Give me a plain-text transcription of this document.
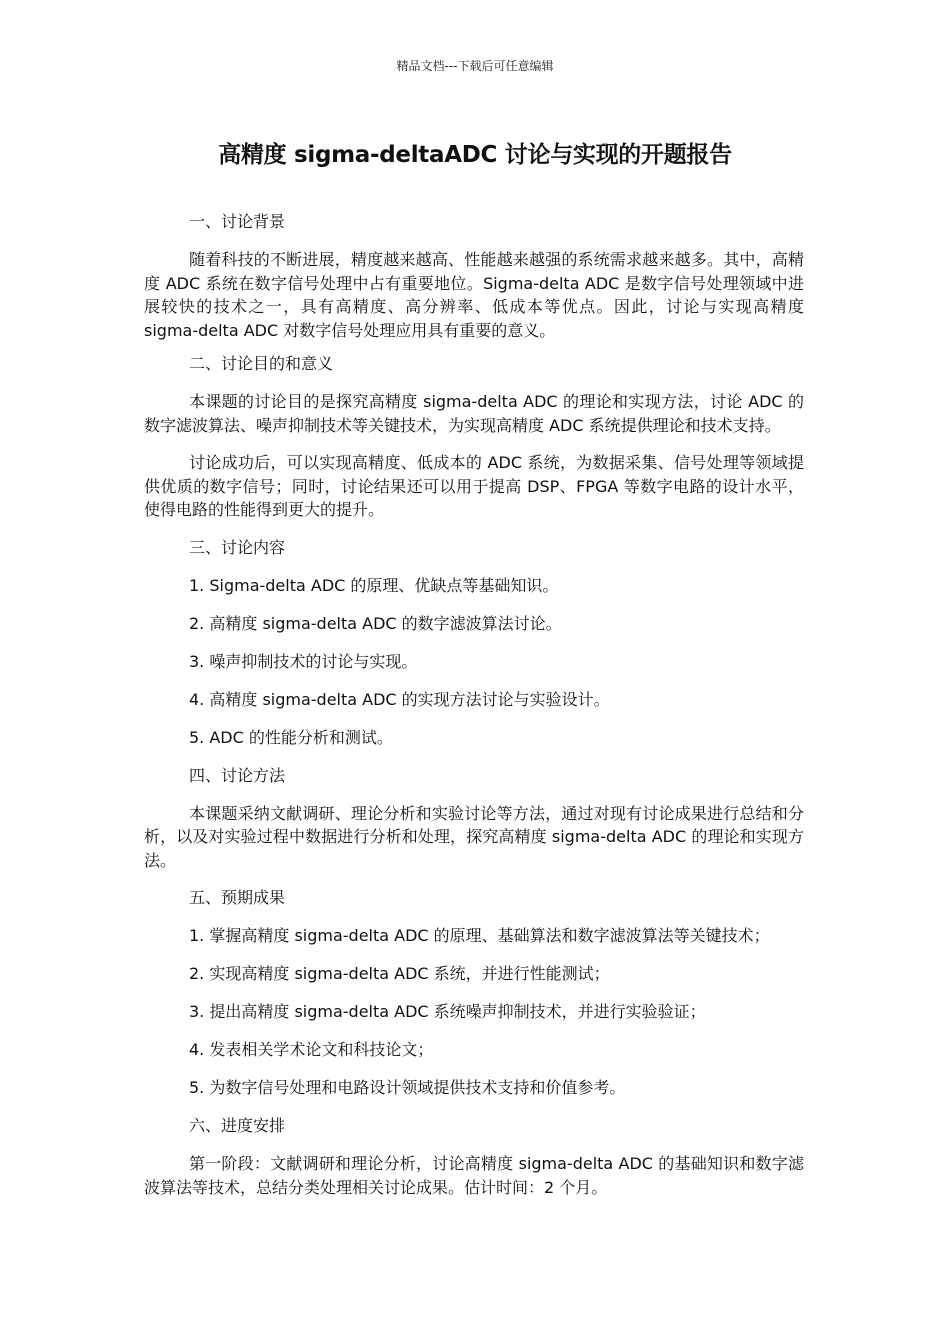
精品文档---下载后可任意编辑
高精度 sigma-deltaADC 讨论与实现的开题报告
一、讨论背景

随着科技的不断进展，精度越来越高、性能越来越强的系统需求越来越多。其中，高精度 ADC 系统在数字信号处理中占有重要地位。Sigma-delta ADC 是数字信号处理领域中进展较快的技术之一，具有高精度、高分辨率、低成本等优点。因此，讨论与实现高精度 sigma-delta ADC 对数字信号处理应用具有重要的意义。

二、讨论目的和意义

本课题的讨论目的是探究高精度 sigma-delta ADC 的理论和实现方法，讨论 ADC 的数字滤波算法、噪声抑制技术等关键技术，为实现高精度 ADC 系统提供理论和技术支持。

讨论成功后，可以实现高精度、低成本的 ADC 系统，为数据采集、信号处理等领域提供优质的数字信号；同时，讨论结果还可以用于提高 DSP、FPGA 等数字电路的设计水平，使得电路的性能得到更大的提升。

三、讨论内容
1. Sigma-delta ADC 的原理、优缺点等基础知识。
2. 高精度 sigma-delta ADC 的数字滤波算法讨论。
3. 噪声抑制技术的讨论与实现。
4. 高精度 sigma-delta ADC 的实现方法讨论与实验设计。
5. ADC 的性能分析和测试。
四、讨论方法

本课题采纳文献调研、理论分析和实验讨论等方法，通过对现有讨论成果进行总结和分析，以及对实验过程中数据进行分析和处理，探究高精度 sigma-delta ADC 的理论和实现方法。

五、预期成果
1. 掌握高精度 sigma-delta ADC 的原理、基础算法和数字滤波算法等关键技术；
2. 实现高精度 sigma-delta ADC 系统，并进行性能测试；
3. 提出高精度 sigma-delta ADC 系统噪声抑制技术，并进行实验验证；
4. 发表相关学术论文和科技论文；
5. 为数字信号处理和电路设计领域提供技术支持和价值参考。
六、进度安排

第一阶段：文献调研和理论分析，讨论高精度 sigma-delta ADC 的基础知识和数字滤波算法等技术，总结分类处理相关讨论成果。估计时间：2 个月。
